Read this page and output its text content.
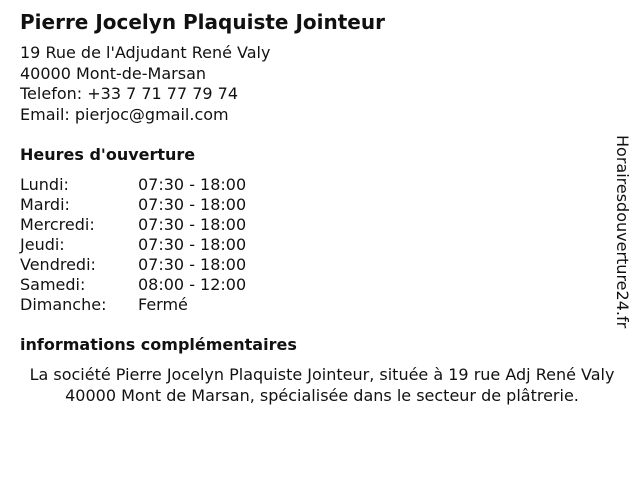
Pierre Jocelyn Plaquiste Jointeur
19 Rue de l'Adjudant René Valy
40000 Mont-de-Marsan
Telefon: +33 7 71 77 79 74
Email: pierjoc@gmail.com
Heures d'ouverture
Lundi:	07:30 - 18:00
Mardi:	07:30 - 18:00
Mercredi:	07:30 - 18:00
Jeudi:	07:30 - 18:00
Vendredi:	07:30 - 18:00
Samedi:	08:00 - 12:00
Dimanche:	Fermé
informations complémentaires
La société Pierre Jocelyn Plaquiste Jointeur, située à 19 rue Adj René Valy 40000 Mont de Marsan, spécialisée dans le secteur de plâtrerie.
Horairesdouverture24.fr
